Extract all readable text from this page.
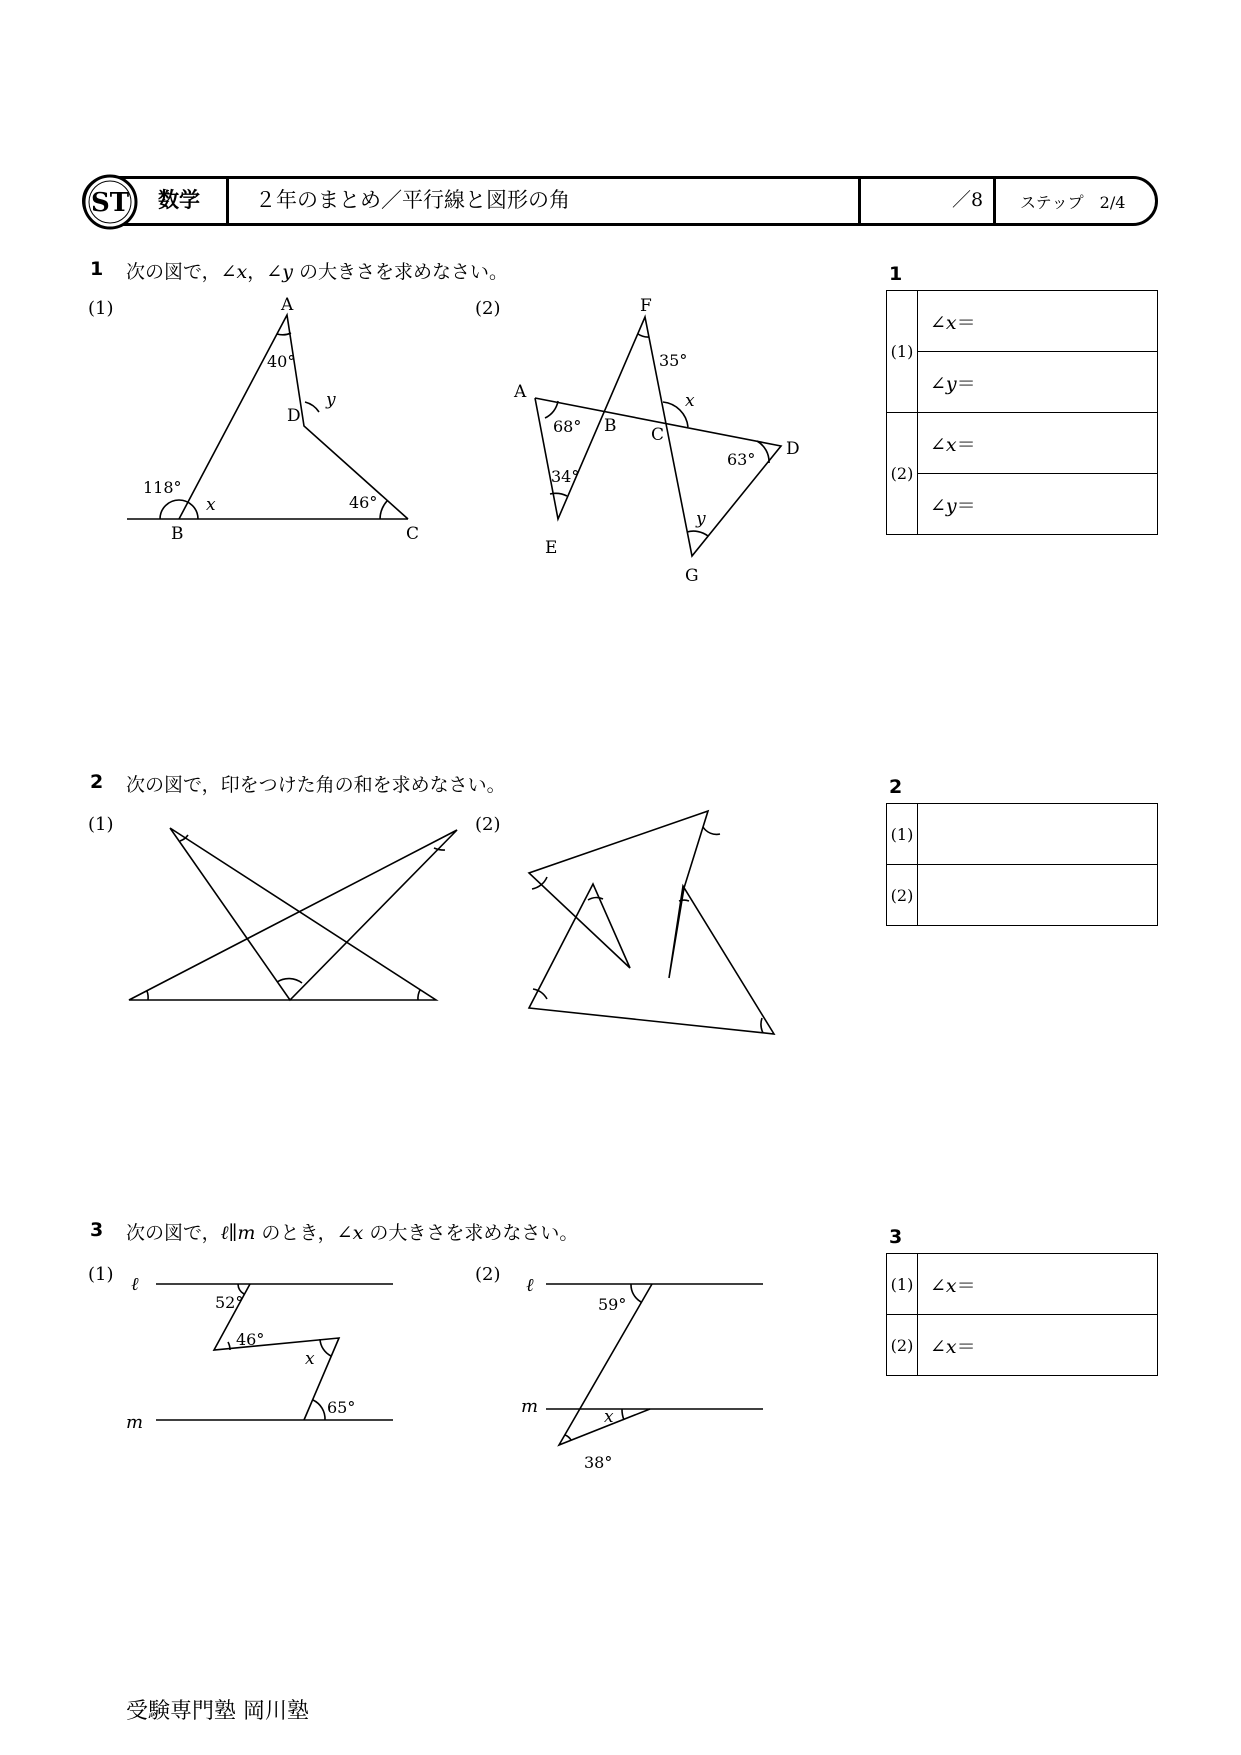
ST 数学	２年のまとめ／平行線と図形の角	／8 ステップ　2/4
1 次の図で，∠x，∠y の大きさを求めなさい。
(1)	(2)
A
B	C
D
40°
118°
46°
x
y
F
A
B C
D
E
G
35°
68°
34°
63°
x
y
2 次の図で，印をつけた角の和を求めなさい。
(1)	(2)
3 次の図で，ℓ∥m のとき，∠x の大きさを求めなさい。
(1)	(2)
ℓ
m
52°
46°
65°
x
ℓ
m
59°
38°
x
1
(1)	∠x＝
	∠y＝
(2)	∠x＝
	∠y＝
2
(1)	
(2)	
3
(1)	∠x＝
(2)	∠x＝
受験専門塾 岡川塾
